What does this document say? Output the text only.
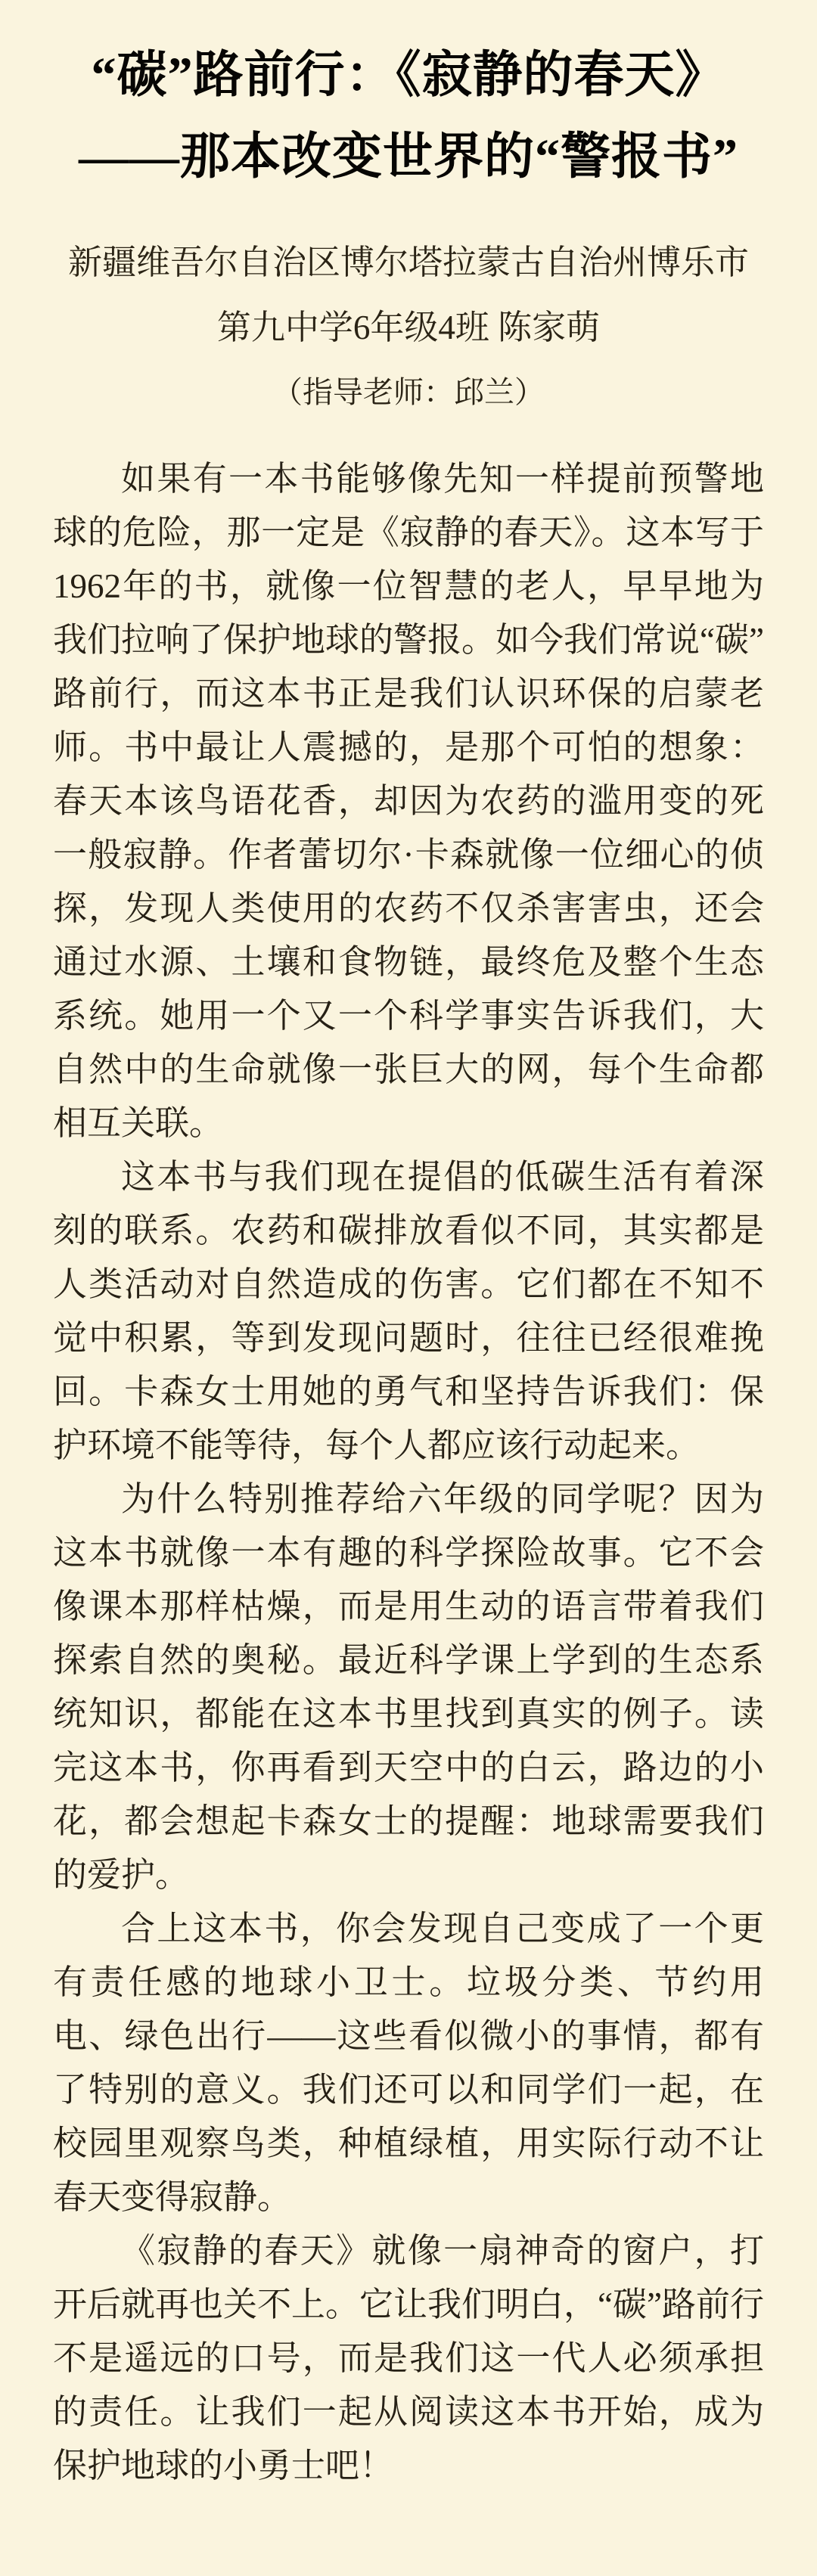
“碳”路前行：《寂静的春天》
——那本改变世界的“警报书”
新疆维吾尔自治区博尔塔拉蒙古自治州博乐市
第九中学6年级4班 陈家萌
（指导老师：邱兰）

如果有一本书能够像先知一样提前预警地球的危险，那一定是《寂静的春天》。这本写于1962年的书，就像一位智慧的老人，早早地为我们拉响了保护地球的警报。如今我们常说“碳”路前行，而这本书正是我们认识环保的启蒙老师。书中最让人震撼的，是那个可怕的想象：春天本该鸟语花香，却因为农药的滥用变的死一般寂静。作者蕾切尔·卡森就像一位细心的侦探，发现人类使用的农药不仅杀害害虫，还会通过水源、土壤和食物链，最终危及整个生态系统。她用一个又一个科学事实告诉我们，大自然中的生命就像一张巨大的网，每个生命都相互关联。

这本书与我们现在提倡的低碳生活有着深刻的联系。农药和碳排放看似不同，其实都是人类活动对自然造成的伤害。它们都在不知不觉中积累，等到发现问题时，往往已经很难挽回。卡森女士用她的勇气和坚持告诉我们：保护环境不能等待，每个人都应该行动起来。

为什么特别推荐给六年级的同学呢？因为这本书就像一本有趣的科学探险故事。它不会像课本那样枯燥，而是用生动的语言带着我们探索自然的奥秘。最近科学课上学到的生态系统知识，都能在这本书里找到真实的例子。读完这本书，你再看到天空中的白云，路边的小花，都会想起卡森女士的提醒：地球需要我们的爱护。

合上这本书，你会发现自己变成了一个更有责任感的地球小卫士。垃圾分类、节约用电、绿色出行——这些看似微小的事情，都有了特别的意义。我们还可以和同学们一起，在校园里观察鸟类，种植绿植，用实际行动不让春天变得寂静。

《寂静的春天》就像一扇神奇的窗户，打开后就再也关不上。它让我们明白，“碳”路前行不是遥远的口号，而是我们这一代人必须承担的责任。让我们一起从阅读这本书开始，成为保护地球的小勇士吧！
